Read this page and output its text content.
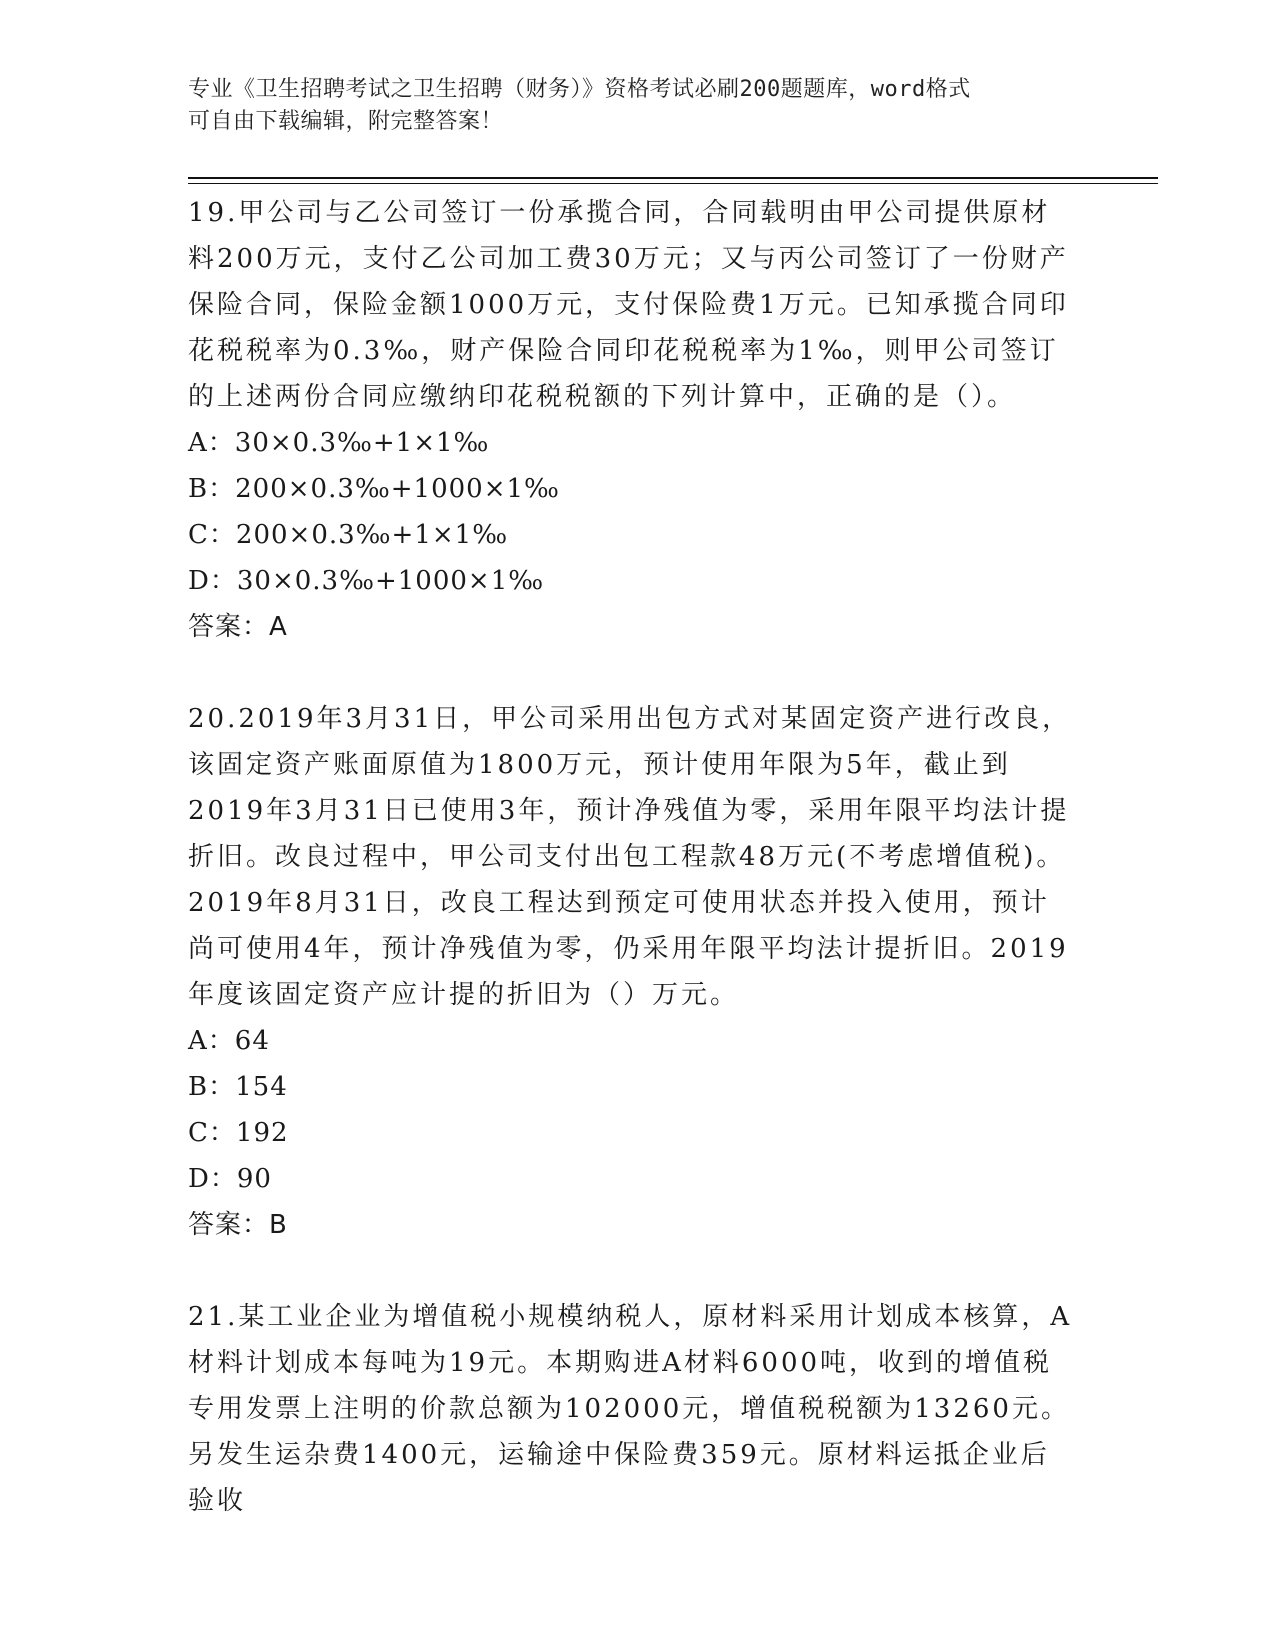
专业《卫生招聘考试之卫生招聘（财务）》资格考试必刷200题题库，word格式
可自由下载编辑，附完整答案！

19.甲公司与乙公司签订一份承揽合同，合同载明由甲公司提供原材料200万元，支付乙公司加工费30万元；又与丙公司签订了一份财产保险合同，保险金额1000万元，支付保险费1万元。已知承揽合同印花税税率为0.3‰，财产保险合同印花税税率为1‰，则甲公司签订的上述两份合同应缴纳印花税税额的下列计算中，正确的是（）。

A：30×0.3‰+1×1‰

B：200×0.3‰+1000×1‰

C：200×0.3‰+1×1‰

D：30×0.3‰+1000×1‰

答案：A

20.2019年3月31日，甲公司采用出包方式对某固定资产进行改良，该固定资产账面原值为1800万元，预计使用年限为5年，截止到2019年3月31日已使用3年，预计净残值为零，采用年限平均法计提折旧。改良过程中，甲公司支付出包工程款48万元(不考虑增值税)。2019年8月31日，改良工程达到预定可使用状态并投入使用，预计尚可使用4年，预计净残值为零，仍采用年限平均法计提折旧。2019年度该固定资产应计提的折旧为（）万元。

A：64

B：154

C：192

D：90

答案：B

21.某工业企业为增值税小规模纳税人，原材料采用计划成本核算，A材料计划成本每吨为19元。本期购进A材料6000吨，收到的增值税专用发票上注明的价款总额为102000元，增值税税额为13260元。另发生运杂费1400元，运输途中保险费359元。原材料运抵企业后验收
